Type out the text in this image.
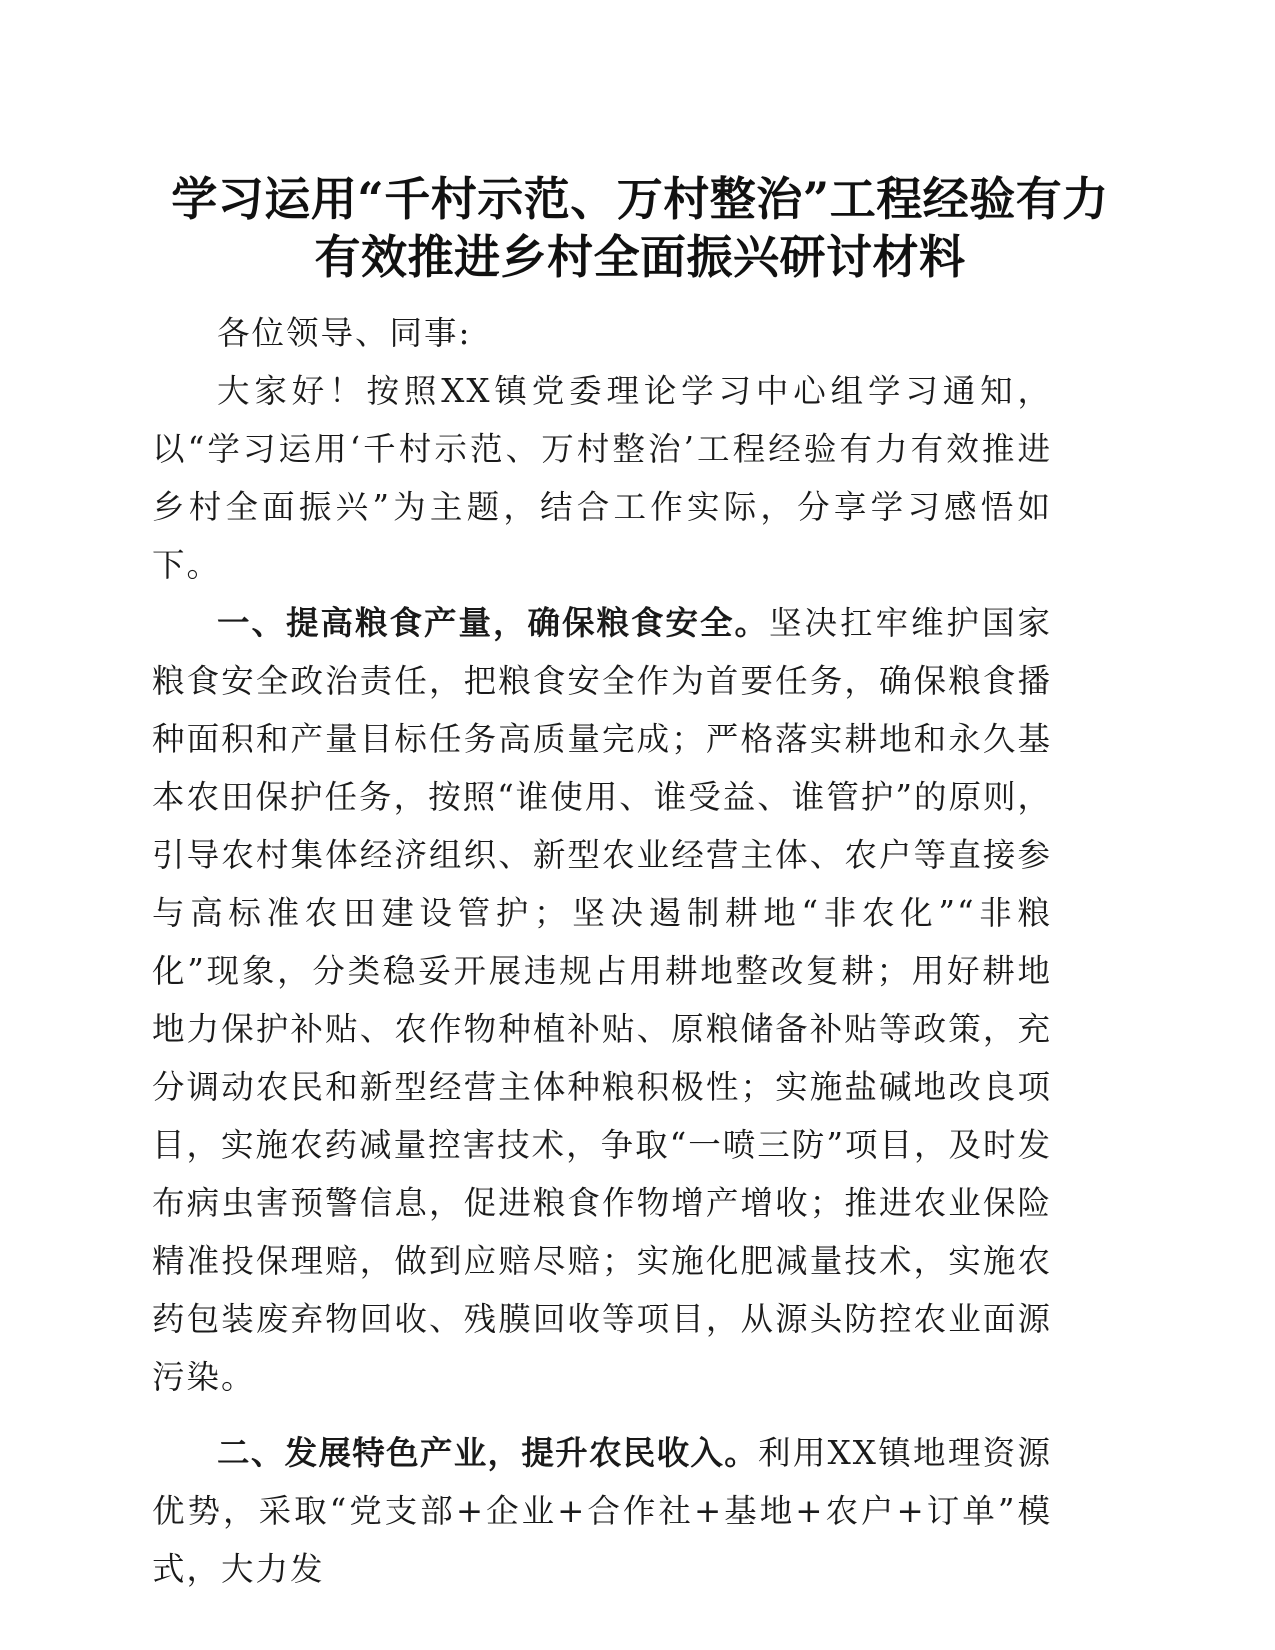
学习运用“千村示范、万村整治”工程经验有力有效推进乡村全面振兴研讨材料

各位领导、同事:

大家好！按照XX镇党委理论学习中心组学习通知，以“学习运用‘千村示范、万村整治’工程经验有力有效推进乡村全面振兴”为主题，结合工作实际，分享学习感悟如下。

一、提高粮食产量，确保粮食安全。坚决扛牢维护国家粮食安全政治责任，把粮食安全作为首要任务，确保粮食播种面积和产量目标任务高质量完成；严格落实耕地和永久基本农田保护任务，按照“谁使用、谁受益、谁管护”的原则，引导农村集体经济组织、新型农业经营主体、农户等直接参与高标准农田建设管护；坚决遏制耕地“非农化”“非粮化”现象，分类稳妥开展违规占用耕地整改复耕；用好耕地地力保护补贴、农作物种植补贴、原粮储备补贴等政策，充分调动农民和新型经营主体种粮积极性；实施盐碱地改良项目，实施农药减量控害技术，争取“一喷三防”项目，及时发布病虫害预警信息，促进粮食作物增产增收；推进农业保险精准投保理赔，做到应赔尽赔；实施化肥减量技术，实施农药包装废弃物回收、残膜回收等项目，从源头防控农业面源污染。

二、发展特色产业，提升农民收入。利用XX镇地理资源优势，采取“党支部+企业+合作社+基地+农户+订单”模式，大力发
